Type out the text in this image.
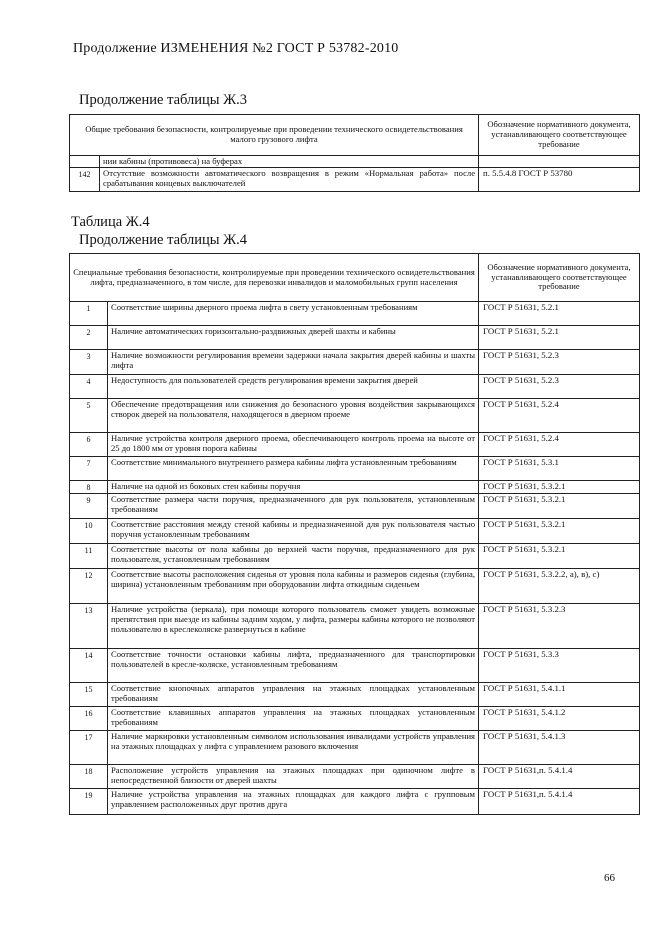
Продолжение ИЗМЕНЕНИЯ №2 ГОСТ Р 53782-2010
Продолжение таблицы Ж.3
Общие требования безопасности, контролируемые при проведении технического освидетельствования малого грузового лифта		Обозначение нормативного документа, устанавливающего соответствующее требование
	нии кабины (противовеса) на буферах	
142	Отсутствие возможности автоматического возвращения в режим «Нормальная работа» после срабатывания концевых выключателей	п. 5.5.4.8 ГОСТ Р 53780
Таблица Ж.4
Продолжение таблицы Ж.4
Специальные требования безопасности, контролируемые при проведении технического освидетельствования лифта, предназначенного, в том числе, для перевозки инвалидов и маломобильных групп населения		Обозначение нормативного документа, устанавливающего соответствующее требование
1	Соответствие ширины дверного проема лифта в свету установленным требованиям	ГОСТ Р 51631, 5.2.1
2	Наличие автоматических горизонтально-раздвижных дверей шахты и кабины	ГОСТ Р 51631, 5.2.1
3	Наличие возможности регулирования времени задержки начала закрытия дверей кабины и шахты лифта	ГОСТ Р 51631, 5.2.3
4	Недоступность для пользователей средств регулирования времени закрытия дверей	ГОСТ Р 51631, 5.2.3
5	Обеспечение предотвращения или снижения до безопасного уровня воздействия закрывающихся створок дверей на пользователя, находящегося в дверном проеме	ГОСТ Р 51631, 5.2.4
6	Наличие устройства контроля дверного проема, обеспечивающего контроль проема на высоте от 25 до 1800 мм от уровня порога кабины	ГОСТ Р 51631, 5.2.4
7	Соответствие минимального внутреннего размера кабины лифта установленным требованиям	ГОСТ Р 51631, 5.3.1
8	Наличие на одной из боковых стен кабины поручня	ГОСТ Р 51631, 5.3.2.1
9	Соответствие размера части поручня, предназначенного для рук пользователя, установленным требованиям	ГОСТ Р 51631, 5.3.2.1
10	Соответствие расстояния между стеной кабины и предназначенной для рук пользователя частью поручня установленным требованиям	ГОСТ Р 51631, 5.3.2.1
11	Соответствие высоты от пола кабины до верхней части поручня, предназначенного для рук пользователя, установленным требованиям	ГОСТ Р 51631, 5.3.2.1
12	Соответствие высоты расположения сиденья от уровня пола кабины и размеров сиденья (глубина, ширина) установленным требованиям при оборудовании лифта откидным сиденьем	ГОСТ Р 51631, 5.3.2.2, а), в), с)
13	Наличие устройства (зеркала), при помощи которого пользователь сможет увидеть возможные препятствия при выезде из кабины задним ходом, у лифта, размеры кабины которого не позволяют пользователю в креслеколяске развернуться в кабине	ГОСТ Р 51631, 5.3.2.3
14	Соответствие точности остановки кабины лифта, предназначенного для транспортировки пользователей в кресле-коляске, установленным требованиям	ГОСТ Р 51631, 5.3.3
15	Соответствие кнопочных аппаратов управления на этажных площадках установленным требованиям	ГОСТ Р 51631, 5.4.1.1
16	Соответствие клавишных аппаратов управления на этажных площадках установленным требованиям	ГОСТ Р 51631, 5.4.1.2
17	Наличие маркировки установленным символом использования инвалидами устройств управления на этажных площадках у лифта с управлением разового включения	ГОСТ Р 51631, 5.4.1.3
18	Расположение устройств управления на этажных площадках при одиночном лифте в непосредственной близости от дверей шахты	ГОСТ Р 51631,п. 5.4.1.4
19	Наличие устройства управления на этажных площадках для каждого лифта с групповым управлением расположенных друг против друга	ГОСТ Р 51631,п. 5.4.1.4
66
